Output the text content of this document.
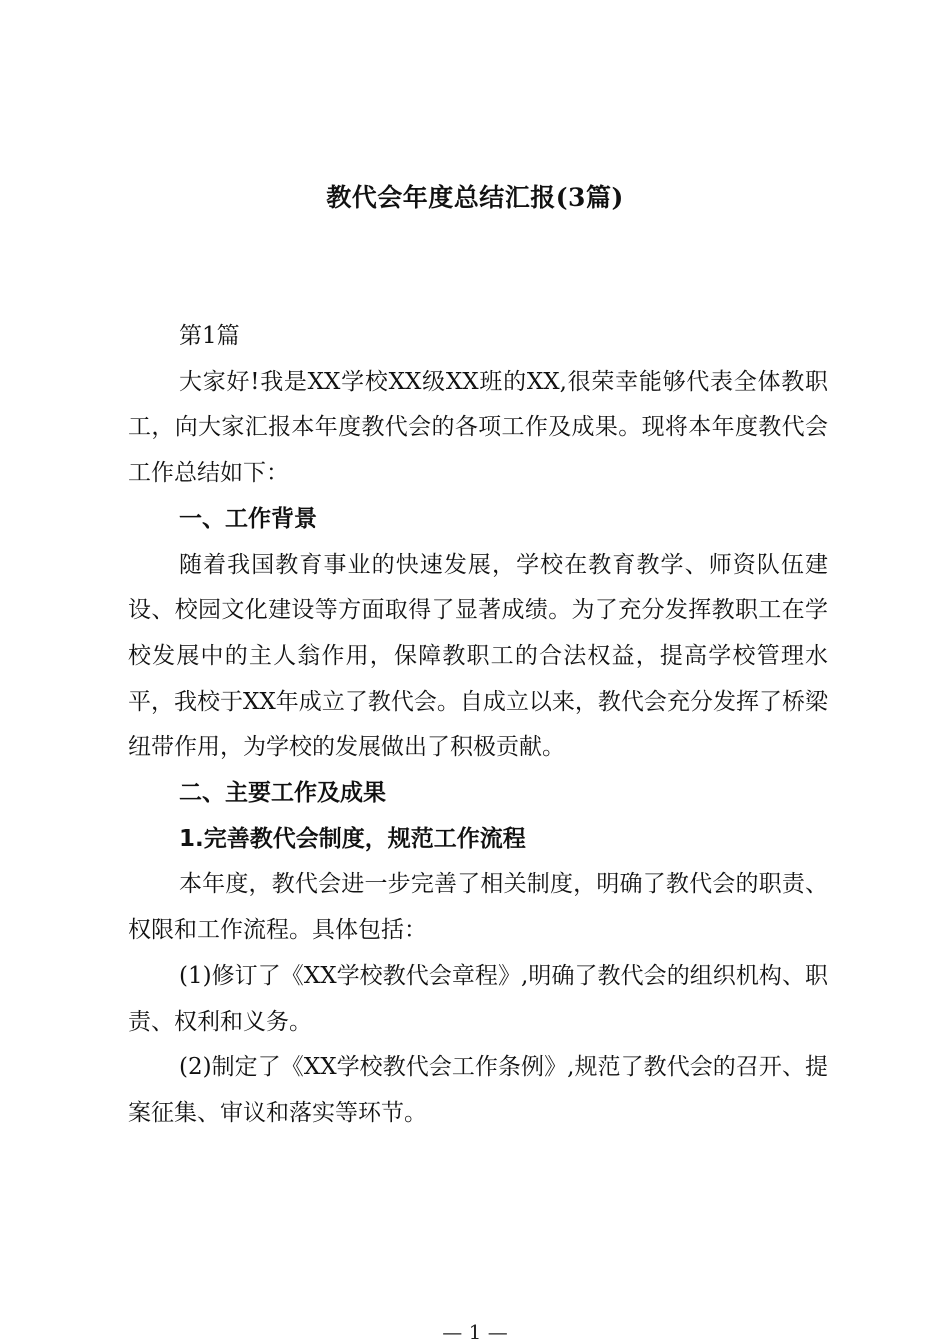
教代会年度总结汇报(3篇)

第1篇

大家好!我是XX学校XX级XX班的XX,很荣幸能够代表全体教职工，向大家汇报本年度教代会的各项工作及成果。现将本年度教代会工作总结如下：

一、工作背景

随着我国教育事业的快速发展，学校在教育教学、师资队伍建设、校园文化建设等方面取得了显著成绩。为了充分发挥教职工在学校发展中的主人翁作用，保障教职工的合法权益，提高学校管理水平，我校于XX年成立了教代会。自成立以来，教代会充分发挥了桥梁纽带作用，为学校的发展做出了积极贡献。

二、主要工作及成果

1.完善教代会制度，规范工作流程

本年度，教代会进一步完善了相关制度，明确了教代会的职责、权限和工作流程。具体包括：

(1)修订了《XX学校教代会章程》,明确了教代会的组织机构、职责、权利和义务。

(2)制定了《XX学校教代会工作条例》,规范了教代会的召开、提案征集、审议和落实等环节。

— 1 —
